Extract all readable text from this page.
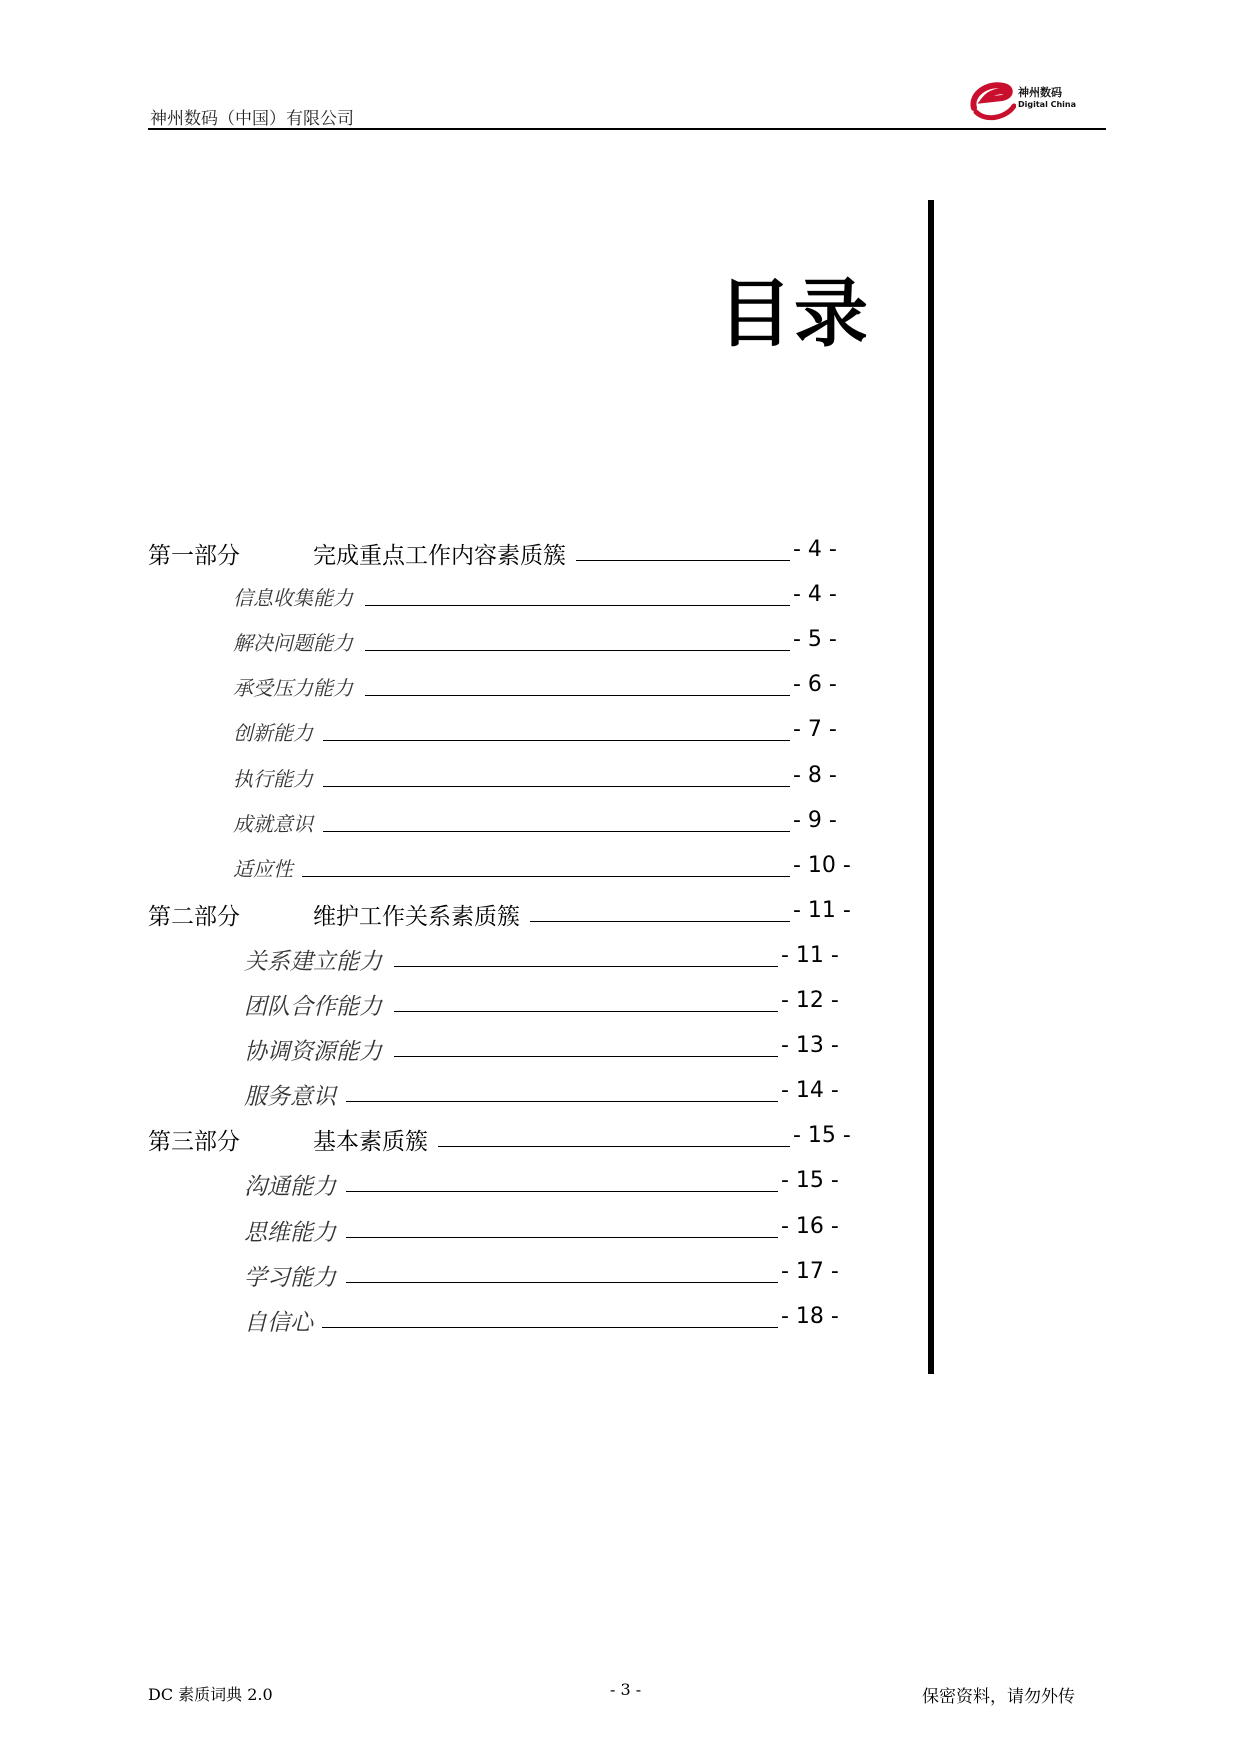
神州数码（中国）有限公司
神州数码
Digital China
目录
第一部分	完成重点工作内容素质簇	- 4 -
信息收集能力	- 4 -
解决问题能力	- 5 -
承受压力能力	- 6 -
创新能力	- 7 -
执行能力	- 8 -
成就意识	- 9 -
适应性	- 10 -
第二部分	维护工作关系素质簇	- 11 -
关系建立能力	- 11 -
团队合作能力	- 12 -
协调资源能力	- 13 -
服务意识	- 14 -
第三部分	基本素质簇	- 15 -
沟通能力	- 15 -
思维能力	- 16 -
学习能力	- 17 -
自信心	- 18 -
DC 素质词典 2.0	- 3 -	保密资料，请勿外传
